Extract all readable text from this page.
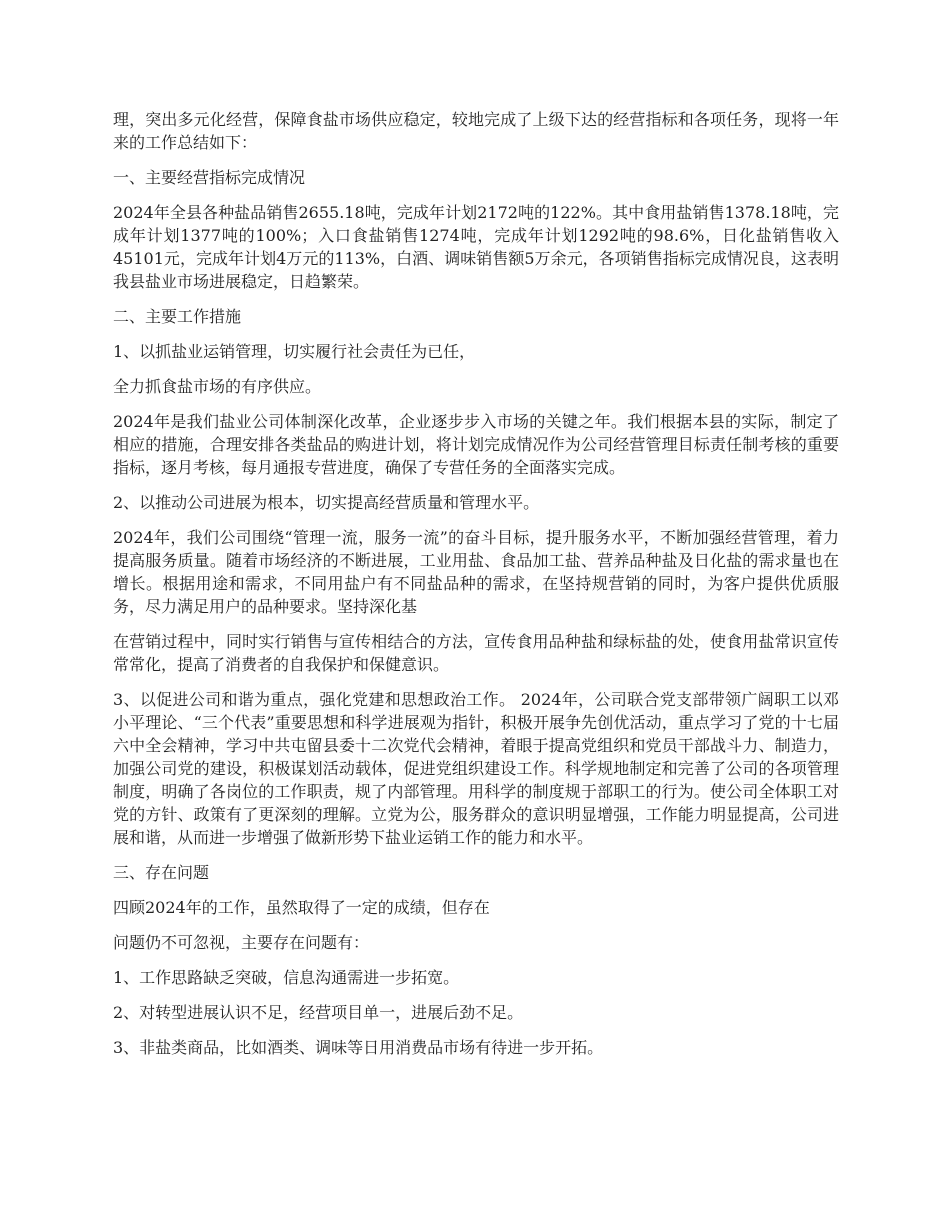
理，突出多元化经营，保障食盐市场供应稳定，较地完成了上级下达的经营指标和各项任务，现将一年来的工作总结如下：

一、主要经营指标完成情况

2024年全县各种盐品销售2655.18吨，完成年计划2172吨的122%。其中食用盐销售1378.18吨，完成年计划1377吨的100%；入口食盐销售1274吨，完成年计划1292吨的98.6%，日化盐销售收入45101元，完成年计划4万元的113%，白酒、调味销售额5万余元，各项销售指标完成情况良，这表明我县盐业市场进展稳定，日趋繁荣。

二、主要工作措施

1、以抓盐业运销管理，切实履行社会责任为已任，

全力抓食盐市场的有序供应。

2024年是我们盐业公司体制深化改革，企业逐步步入市场的关键之年。我们根据本县的实际，制定了相应的措施，合理安排各类盐品的购进计划，将计划完成情况作为公司经营管理目标责任制考核的重要指标，逐月考核，每月通报专营进度，确保了专营任务的全面落实完成。

2、以推动公司进展为根本，切实提高经营质量和管理水平。

2024年，我们公司围绕“管理一流，服务一流”的奋斗目标，提升服务水平，不断加强经营管理，着力提高服务质量。随着市场经济的不断进展，工业用盐、食品加工盐、营养品种盐及日化盐的需求量也在增长。根据用途和需求，不同用盐户有不同盐品种的需求，在坚持规营销的同时，为客户提供优质服务，尽力满足用户的品种要求。坚持深化基

在营销过程中，同时实行销售与宣传相结合的方法，宣传食用品种盐和绿标盐的处，使食用盐常识宣传常常化，提高了消费者的自我保护和保健意识。

3、以促进公司和谐为重点，强化党建和思想政治工作。 2024年，公司联合党支部带领广阔职工以邓小平理论、“三个代表”重要思想和科学进展观为指针，积极开展争先创优活动，重点学习了党的十七届六中全会精神，学习中共屯留县委十二次党代会精神，着眼于提高党组织和党员干部战斗力、制造力，加强公司党的建设，积极谋划活动载体，促进党组织建设工作。科学规地制定和完善了公司的各项管理制度，明确了各岗位的工作职责，规了内部管理。用科学的制度规于部职工的行为。使公司全体职工对党的方针、政策有了更深刻的理解。立党为公，服务群众的意识明显增强，工作能力明显提高，公司进展和谐，从而进一步增强了做新形势下盐业运销工作的能力和水平。

三、存在问题

四顾2024年的工作，虽然取得了一定的成绩，但存在

问题仍不可忽视，主要存在问题有：

1、工作思路缺乏突破，信息沟通需进一步拓宽。

2、对转型进展认识不足，经营项目单一，进展后劲不足。

3、非盐类商品，比如酒类、调味等日用消费品市场有待进一步开拓。
